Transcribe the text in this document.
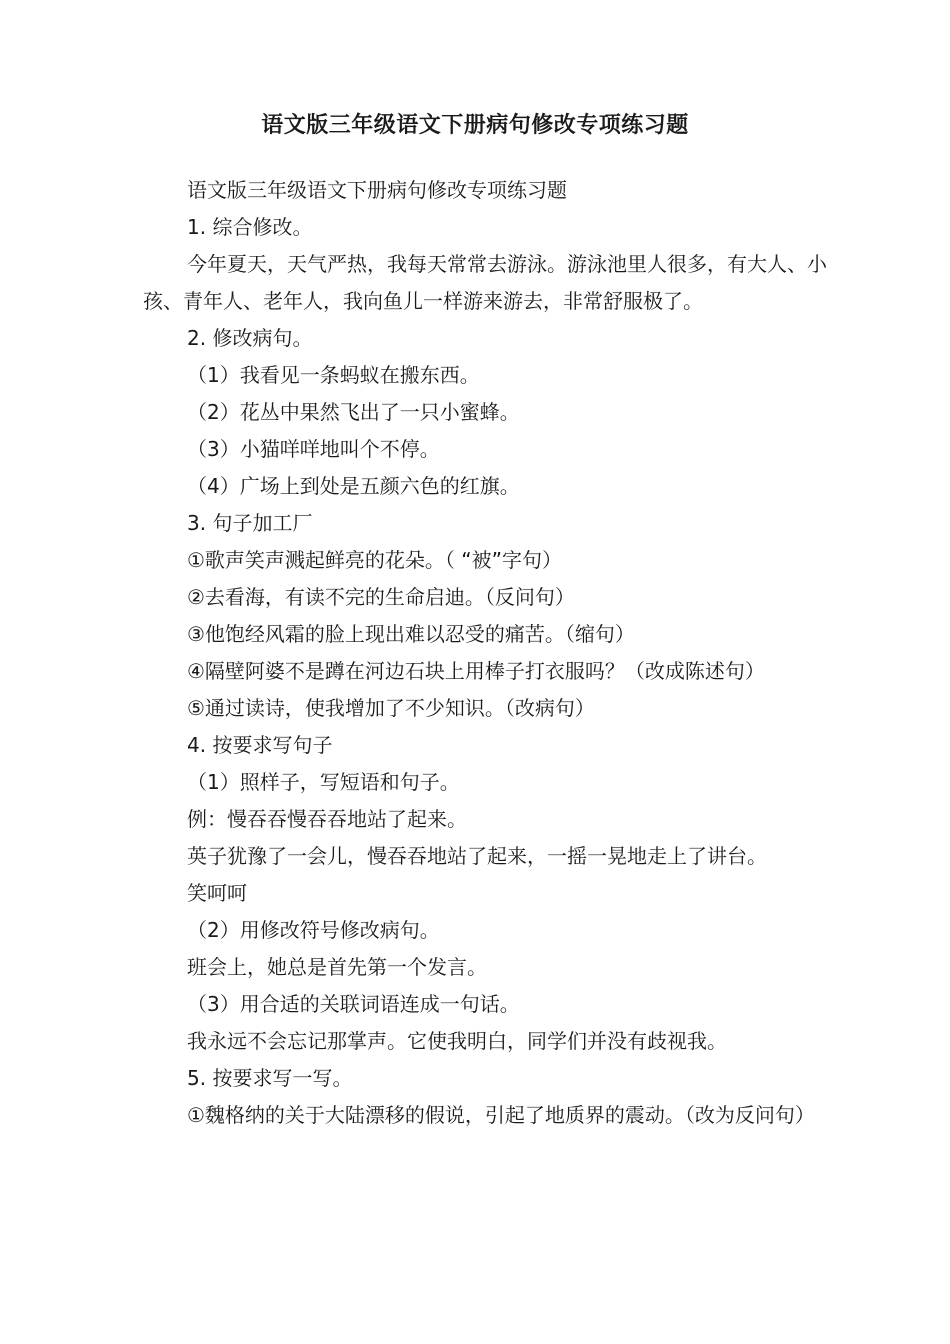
语文版三年级语文下册病句修改专项练习题

语文版三年级语文下册病句修改专项练习题

1. 综合修改。

今年夏天，天气严热，我每天常常去游泳。游泳池里人很多，有大人、小孩、青年人、老年人，我向鱼儿一样游来游去，非常舒服极了。

2. 修改病句。

（1）我看见一条蚂蚁在搬东西。

（2）花丛中果然飞出了一只小蜜蜂。

（3）小猫咩咩地叫个不停。

（4）广场上到处是五颜六色的红旗。

3. 句子加工厂

①歌声笑声溅起鲜亮的花朵。（ “被”字句）

②去看海，有读不完的生命启迪。（反问句）

③他饱经风霜的脸上现出难以忍受的痛苦。（缩句）

④隔壁阿婆不是蹲在河边石块上用棒子打衣服吗？（改成陈述句）

⑤通过读诗，使我增加了不少知识。（改病句）

4. 按要求写句子

（1）照样子，写短语和句子。

例：慢吞吞慢吞吞地站了起来。

英子犹豫了一会儿，慢吞吞地站了起来，一摇一晃地走上了讲台。

笑呵呵

（2）用修改符号修改病句。

班会上，她总是首先第一个发言。

（3）用合适的关联词语连成一句话。

我永远不会忘记那掌声。它使我明白，同学们并没有歧视我。

5. 按要求写一写。

①魏格纳的关于大陆漂移的假说，引起了地质界的震动。（改为反问句）
